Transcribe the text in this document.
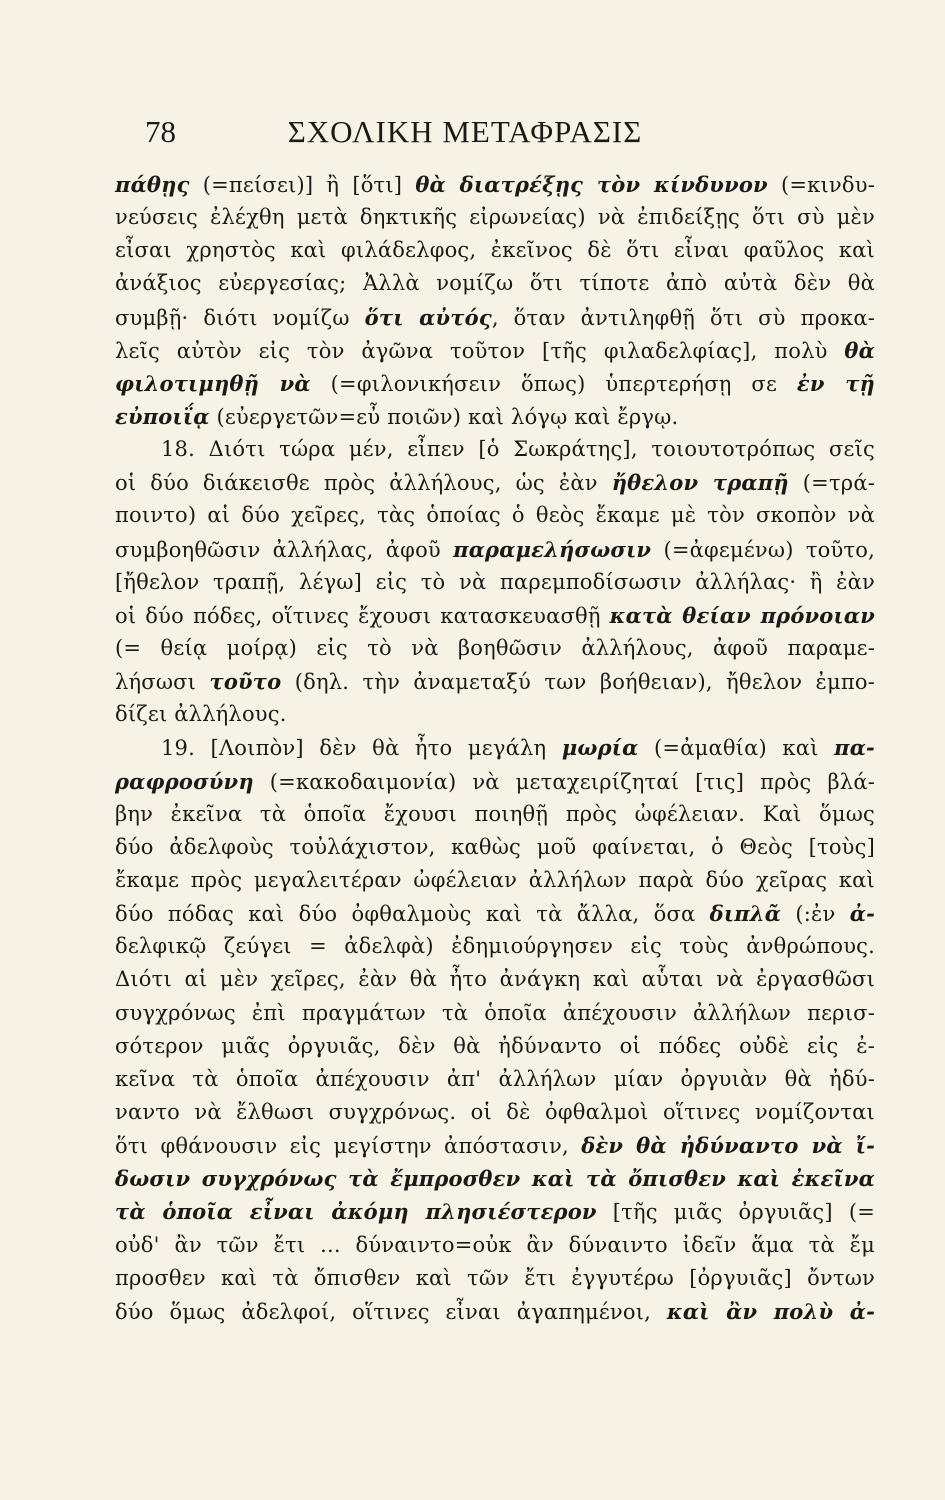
78	ΣΧΟΛΙΚΗ ΜΕΤΑΦΡΑΣΙΣ
πάθῃς (=πείσει)] ἢ [ὅτι] θὰ διατρέξῃς τὸν κίνδυνον (=κινδυ-
νεύσεις ἐλέχθη μετὰ δηκτικῆς εἰρωνείας) νὰ ἐπιδείξῃς ὅτι σὺ μὲν
εἶσαι χρηστὸς καὶ φιλάδελφος, ἐκεῖνος δὲ ὅτι εἶναι φαῦλος καὶ
ἀνάξιος εὐεργεσίας; Ἀλλὰ νομίζω ὅτι τίποτε ἀπὸ αὐτὰ δὲν θὰ
συμβῇ· διότι νομίζω ὅτι αὐτός, ὅταν ἀντιληφθῇ ὅτι σὺ προκα-
λεῖς αὐτὸν εἰς τὸν ἀγῶνα τοῦτον [τῆς φιλαδελφίας], πολὺ θὰ
φιλοτιμηθῇ νὰ (=φιλονικήσειν ὅπως) ὑπερτερήσῃ σε ἐν τῇ
εὐποιΐᾳ (εὐεργετῶν=εὖ ποιῶν) καὶ λόγῳ καὶ ἔργῳ.
18. Διότι τώρα μέν, εἶπεν [ὁ Σωκράτης], τοιουτοτρόπως σεῖς
οἱ δύο διάκεισθε πρὸς ἀλλήλους, ὡς ἐὰν ἤθελον τραπῇ (=τρά-
ποιντο) αἱ δύο χεῖρες, τὰς ὁποίας ὁ θεὸς ἔκαμε μὲ τὸν σκοπὸν νὰ
συμβοηθῶσιν ἀλλήλας, ἀφοῦ παραμελήσωσιν (=ἀφεμένω) τοῦτο,
[ἤθελον τραπῇ, λέγω] εἰς τὸ νὰ παρεμποδίσωσιν ἀλλήλας· ἢ ἐὰν
οἱ δύο πόδες, οἵτινες ἔχουσι κατασκευασθῇ κατὰ θείαν πρόνοιαν
(= θείᾳ μοίρᾳ) εἰς τὸ νὰ βοηθῶσιν ἀλλήλους, ἀφοῦ παραμε-
λήσωσι τοῦτο (δηλ. τὴν ἀναμεταξύ των βοήθειαν), ἤθελον ἐμπο-
δίζει ἀλλήλους.
19. [Λοιπὸν] δὲν θὰ ἦτο μεγάλη μωρία (=ἀμαθία) καὶ πα-
ραφροσύνη (=κακοδαιμονία) νὰ μεταχειρίζηταί [τις] πρὸς βλά-
βην ἐκεῖνα τὰ ὁποῖα ἔχουσι ποιηθῇ πρὸς ὠφέλειαν. Καὶ ὅμως
δύο ἀδελφοὺς τοὐλάχιστον, καθὼς μοῦ φαίνεται, ὁ Θεὸς [τοὺς]
ἔκαμε πρὸς μεγαλειτέραν ὠφέλειαν ἀλλήλων παρὰ δύο χεῖρας καὶ
δύο πόδας καὶ δύο ὀφθαλμοὺς καὶ τὰ ἄλλα, ὅσα διπλᾶ (:ἐν ἀ-
δελφικῷ ζεύγει = ἀδελφὰ) ἐδημιούργησεν εἰς τοὺς ἀνθρώπους.
Διότι αἱ μὲν χεῖρες, ἐὰν θὰ ἦτο ἀνάγκη καὶ αὗται νὰ ἐργασθῶσι
συγχρόνως ἐπὶ πραγμάτων τὰ ὁποῖα ἀπέχουσιν ἀλλήλων περισ-
σότερον μιᾶς ὀργυιᾶς, δὲν θὰ ἠδύναντο οἱ πόδες οὐδὲ εἰς ἐ-
κεῖνα τὰ ὁποῖα ἀπέχουσιν ἀπ' ἀλλήλων μίαν ὀργυιὰν θὰ ἠδύ-
ναντο νὰ ἔλθωσι συγχρόνως. οἱ δὲ ὀφθαλμοὶ οἵτινες νομίζονται
ὅτι φθάνουσιν εἰς μεγίστην ἀπόστασιν, δὲν θὰ ἠδύναντο νὰ ἴ-
δωσιν συγχρόνως τὰ ἔμπροσθεν καὶ τὰ ὄπισθεν καὶ ἐκεῖνα
τὰ ὁποῖα εἶναι ἀκόμη πλησιέστερον [τῆς μιᾶς ὀργυιᾶς] (=
οὐδ' ἂν τῶν ἔτι ... δύναιντο=οὐκ ἂν δύναιντο ἰδεῖν ἅμα τὰ ἔμ
προσθεν καὶ τὰ ὄπισθεν καὶ τῶν ἔτι ἐγγυτέρω [ὀργυιᾶς] ὄντων
δύο ὅμως ἀδελφοί, οἵτινες εἶναι ἀγαπημένοι, καὶ ἂν πολὺ ἀ-
